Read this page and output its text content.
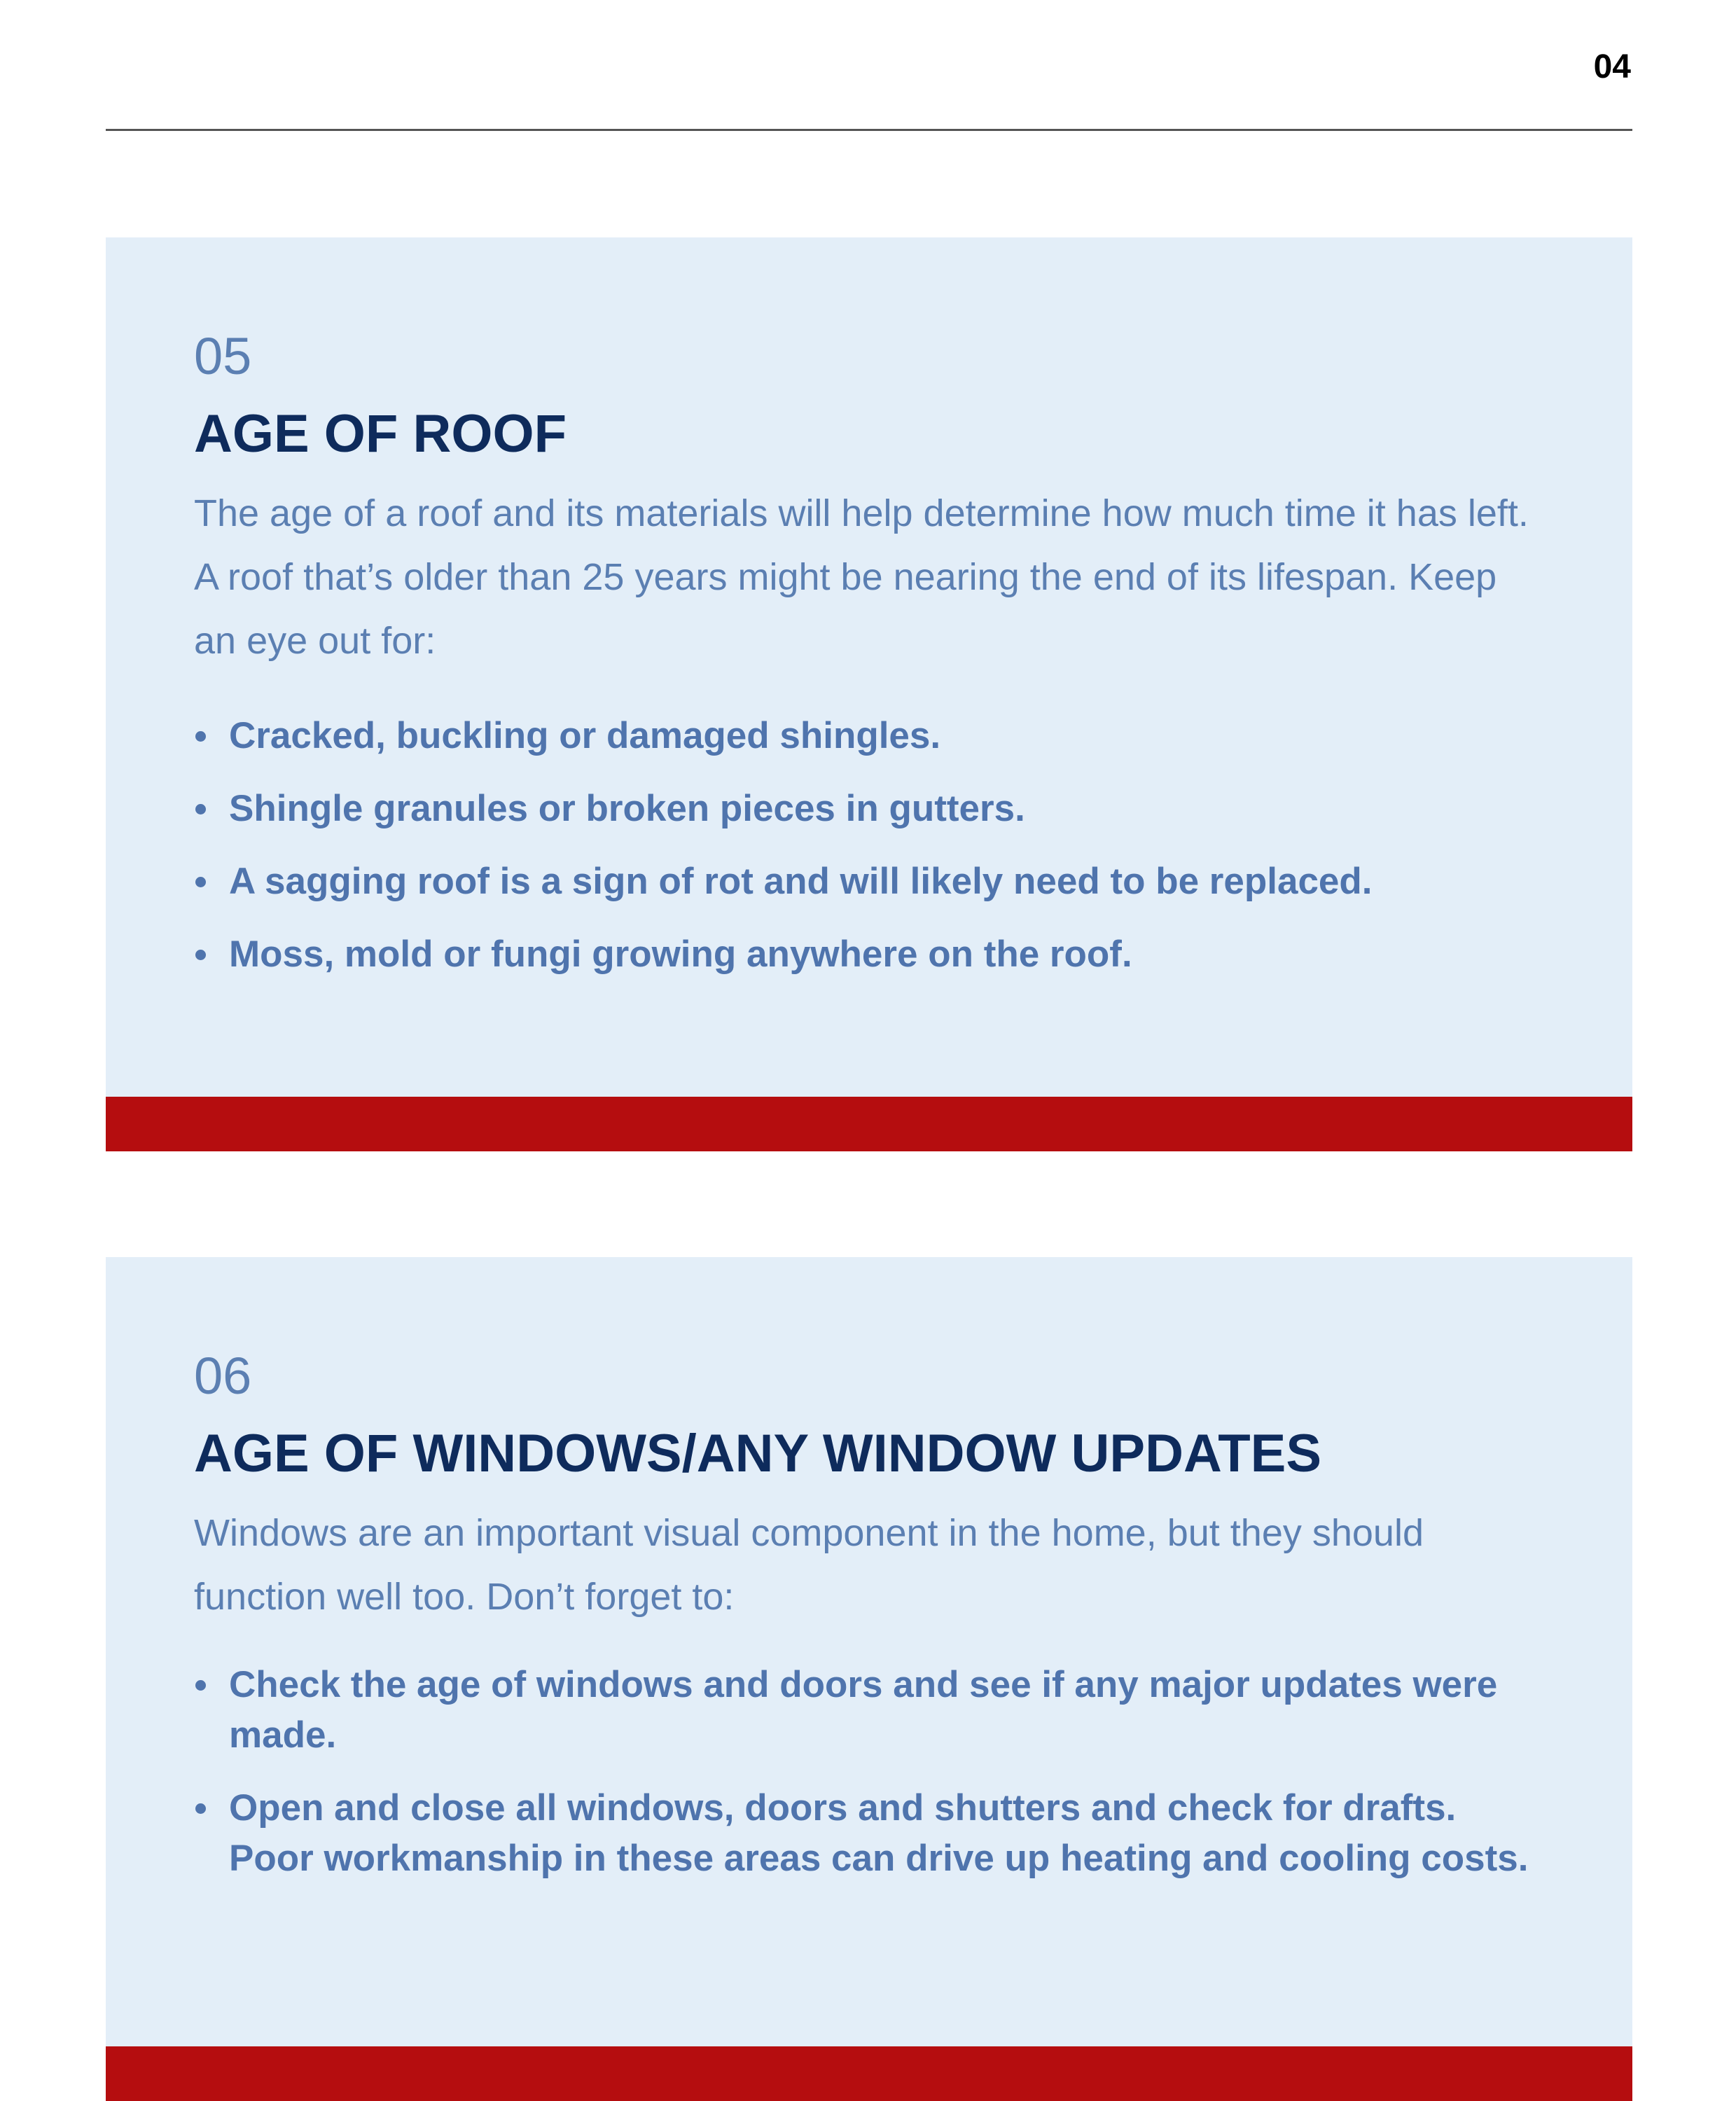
04

05

AGE OF ROOF

The age of a roof and its materials will help determine how much time it has left. A roof that’s older than 25 years might be nearing the end of its lifespan. Keep an eye out for:

Cracked, buckling or damaged shingles.
Shingle granules or broken pieces in gutters.
A sagging roof is a sign of rot and will likely need to be replaced.
Moss, mold or fungi growing anywhere on the roof.

06

AGE OF WINDOWS/ANY WINDOW UPDATES

Windows are an important visual component in the home, but they should function well too. Don’t forget to:

Check the age of windows and doors and see if any major updates were made.
Open and close all windows, doors and shutters and check for drafts. Poor workmanship in these areas can drive up heating and cooling costs.
